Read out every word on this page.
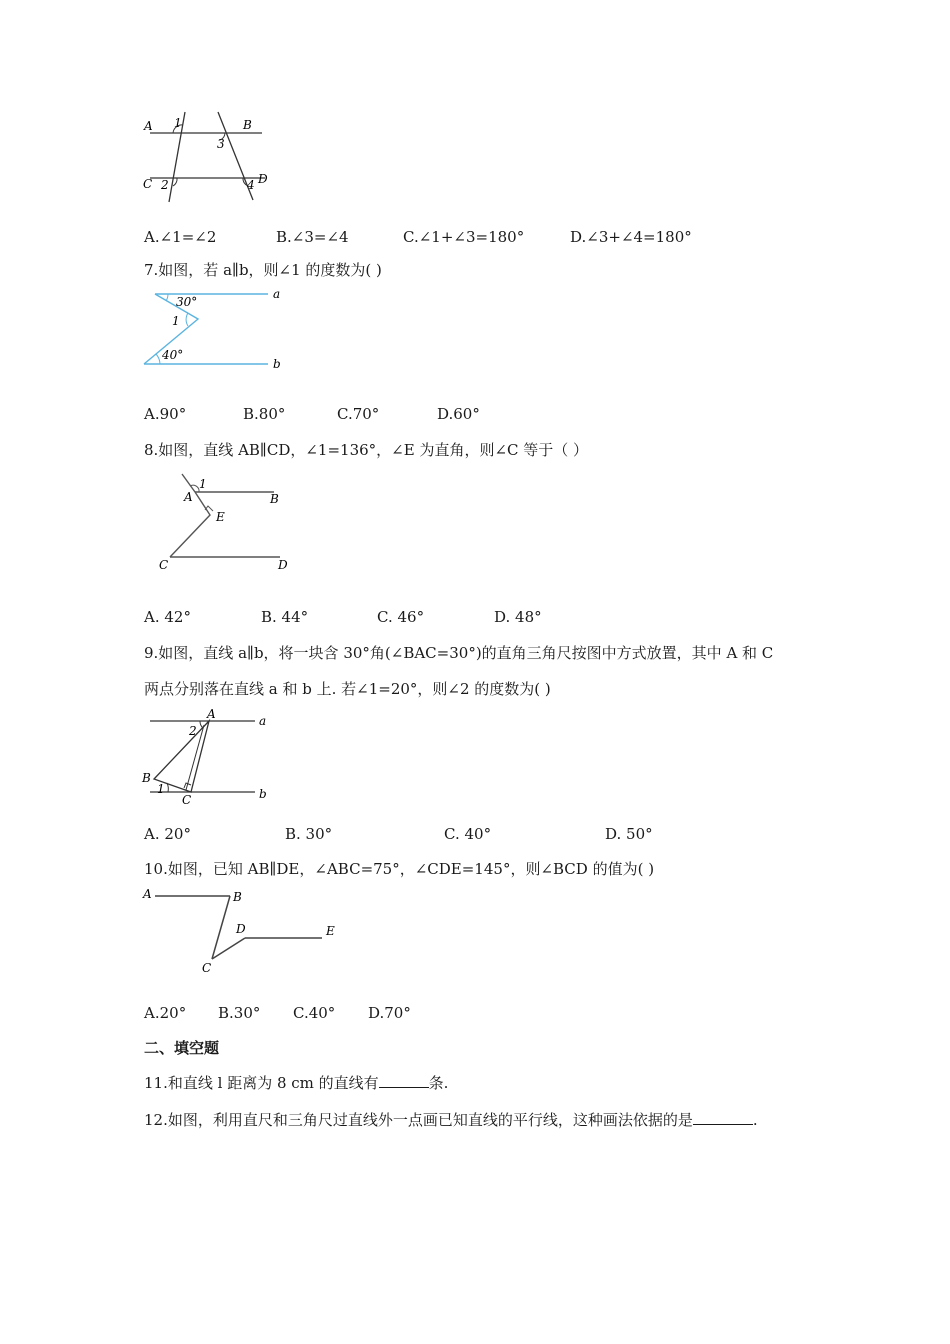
A 1	B
3
C 2	D
4
A.∠1=∠2	B.∠3=∠4	C.∠1+∠3=180°	D.∠3+∠4=180°
7.如图，若 a∥b，则∠1 的度数为( )
30°
1
40°
a
b
A.90°	B.80°	C.70°	D.60°
8.如图，直线 AB∥CD，∠1=136°，∠E 为直角，则∠C 等于（ ）
1
A	B
E
C	D
A. 42°	B. 44°	C. 46°	D. 48°
9.如图，直线 a∥b，将一块含 30°角(∠BAC=30°)的直角三角尺按图中方式放置，其中 A 和 C
两点分别落在直线 a 和 b 上. 若∠1=20°，则∠2 的度数为( )
A	a
2
B
1
C	b
A. 20°	B. 30°	C. 40°	D. 50°
10.如图，已知 AB∥DE，∠ABC=75°，∠CDE=145°，则∠BCD 的值为( )
A	B
D	E
C
A.20° B.30° C.40° D.70°
二、填空题
11.和直线 l 距离为 8 cm 的直线有	条.
12.如图，利用直尺和三角尺过直线外一点画已知直线的平行线，这种画法依据的是	.
